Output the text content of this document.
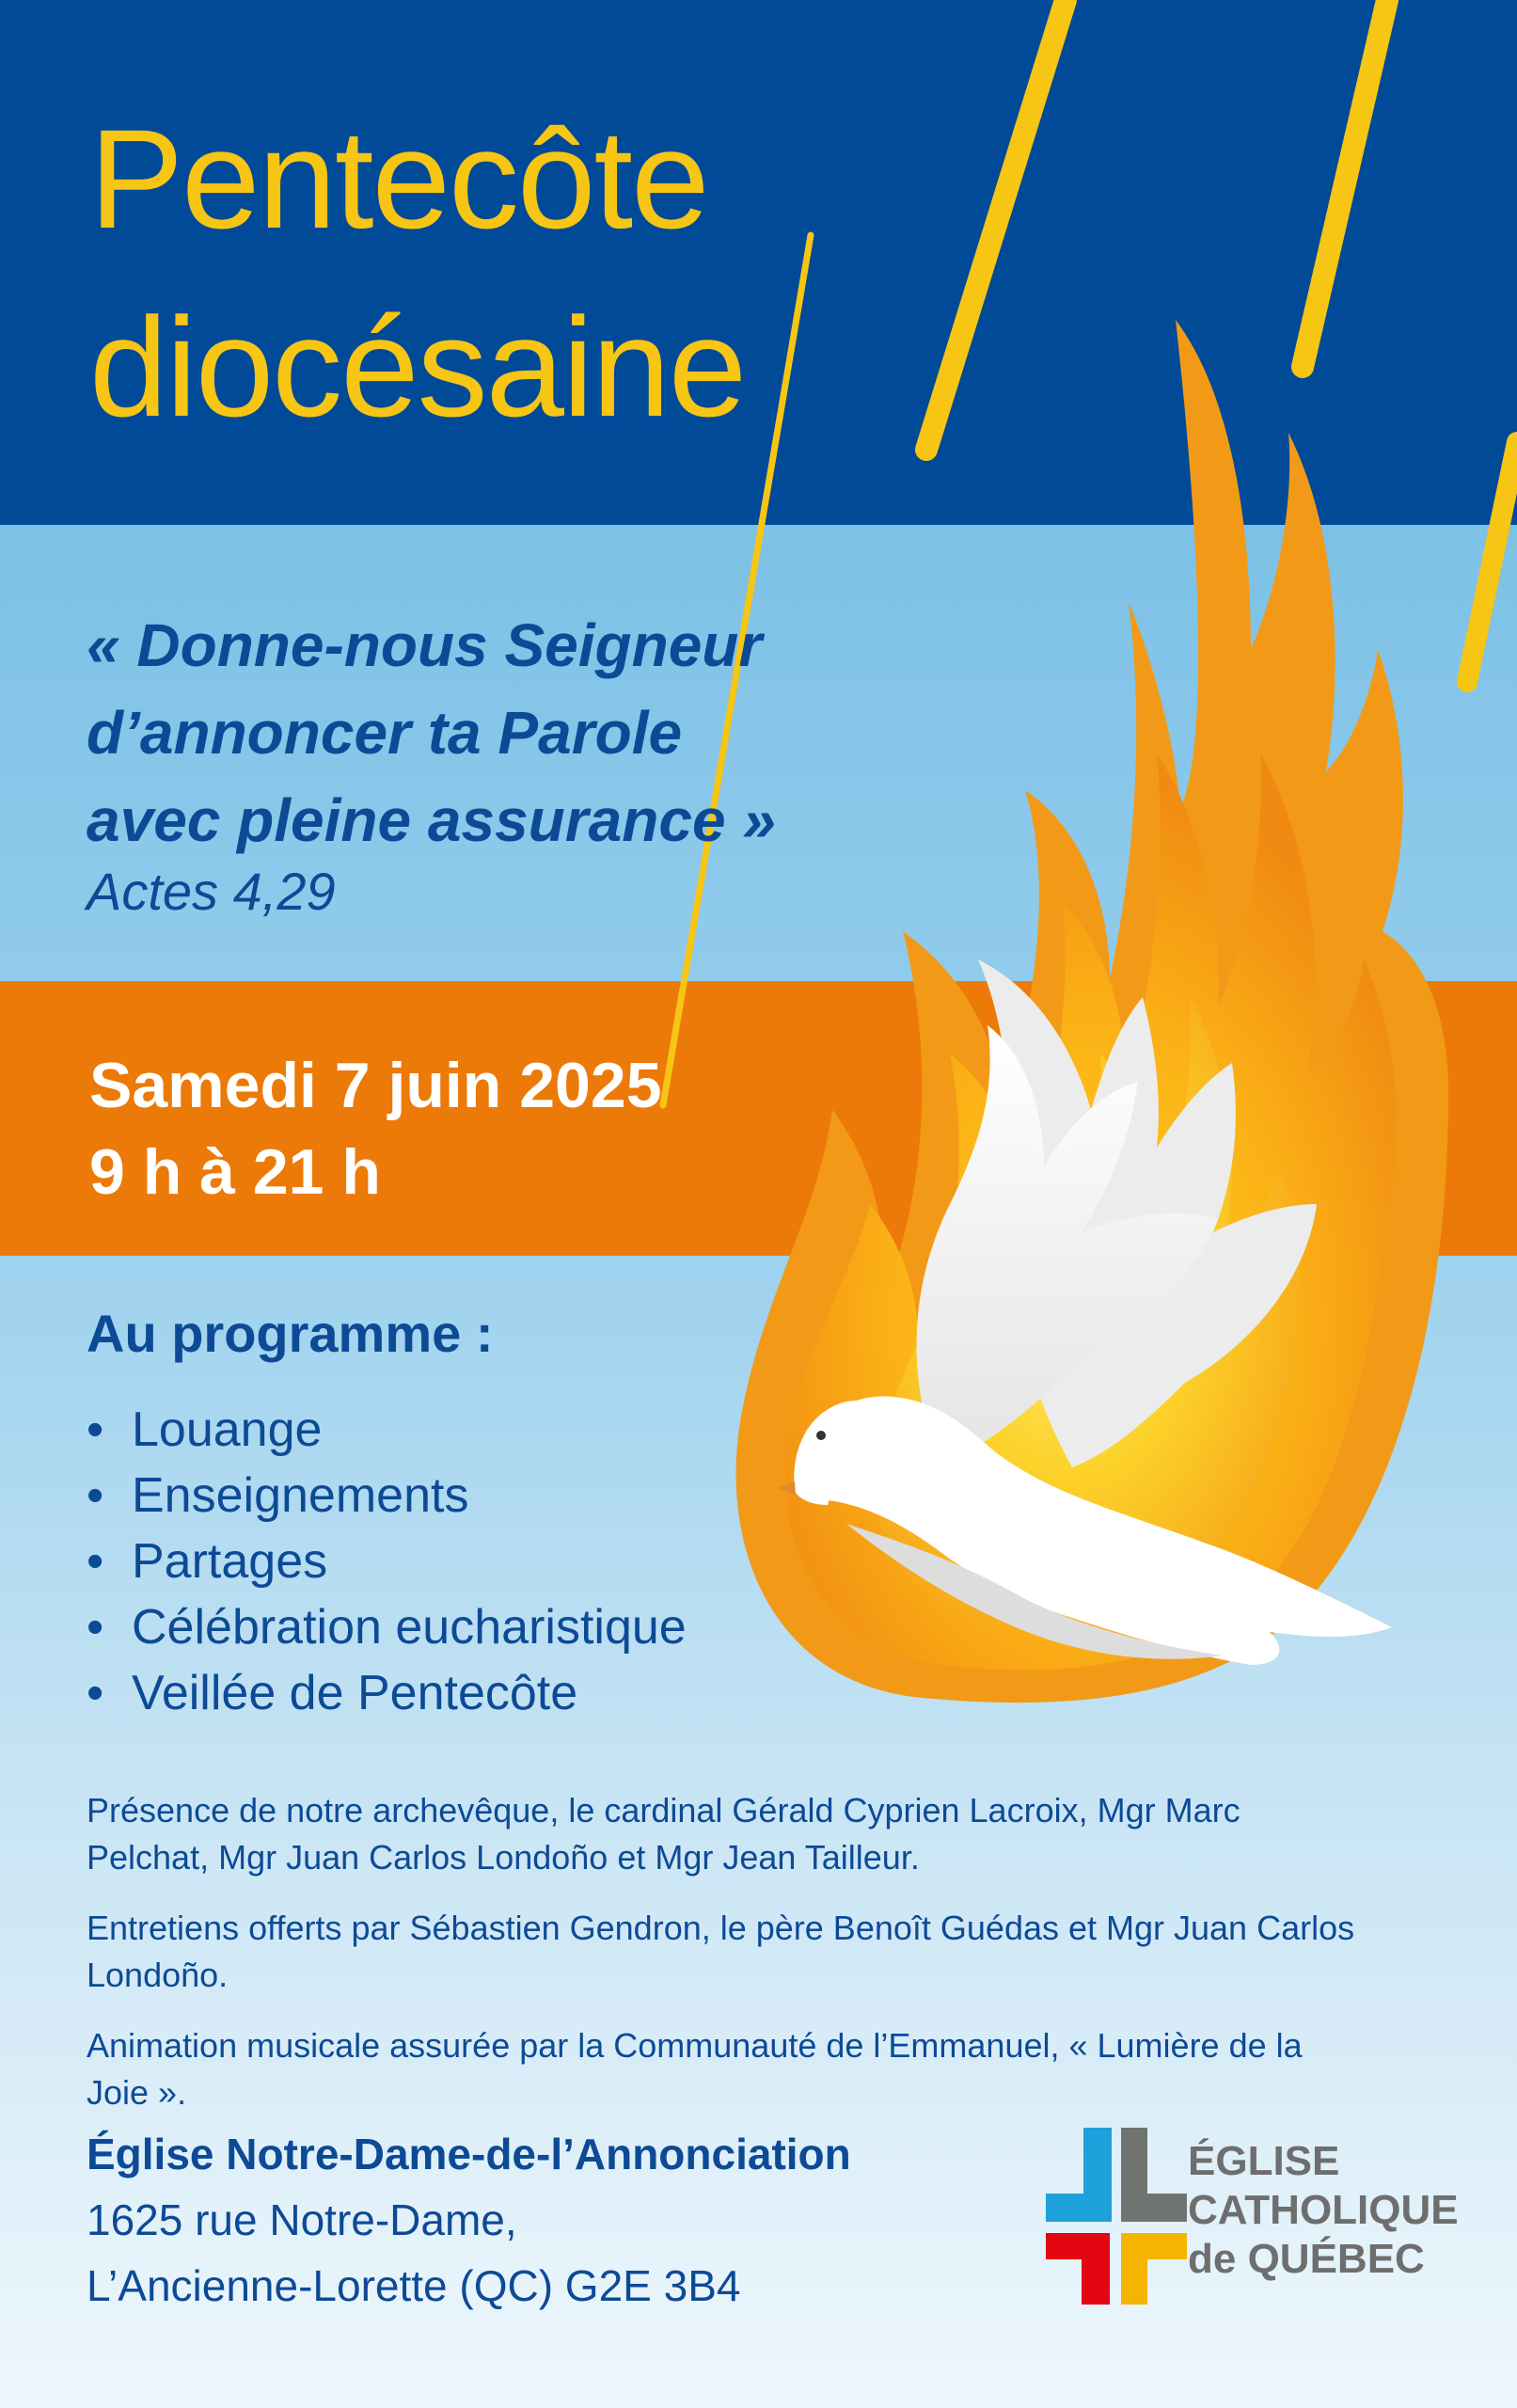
Pentecôte
diocésaine
« Donne-nous Seigneur
d’annoncer ta Parole
avec pleine assurance »
Actes 4,29
Samedi 7 juin 2025
9 h à 21 h
Au programme :
• Louange
• Enseignements
• Partages
• Célébration eucharistique
• Veillée de Pentecôte

Présence de notre archevêque, le cardinal Gérald Cyprien Lacroix, Mgr Marc Pelchat, Mgr Juan Carlos Londoño et Mgr Jean Tailleur.

Entretiens offerts par Sébastien Gendron, le père Benoît Guédas et Mgr Juan Carlos Londoño.

Animation musicale assurée par la Communauté de l’Emmanuel, « Lumière de la Joie ».

Église Notre-Dame-de-l’Annonciation
1625 rue Notre-Dame,
L’Ancienne-Lorette (QC) G2E 3B4
ÉGLISE
CATHOLIQUE
de QUÉBEC
